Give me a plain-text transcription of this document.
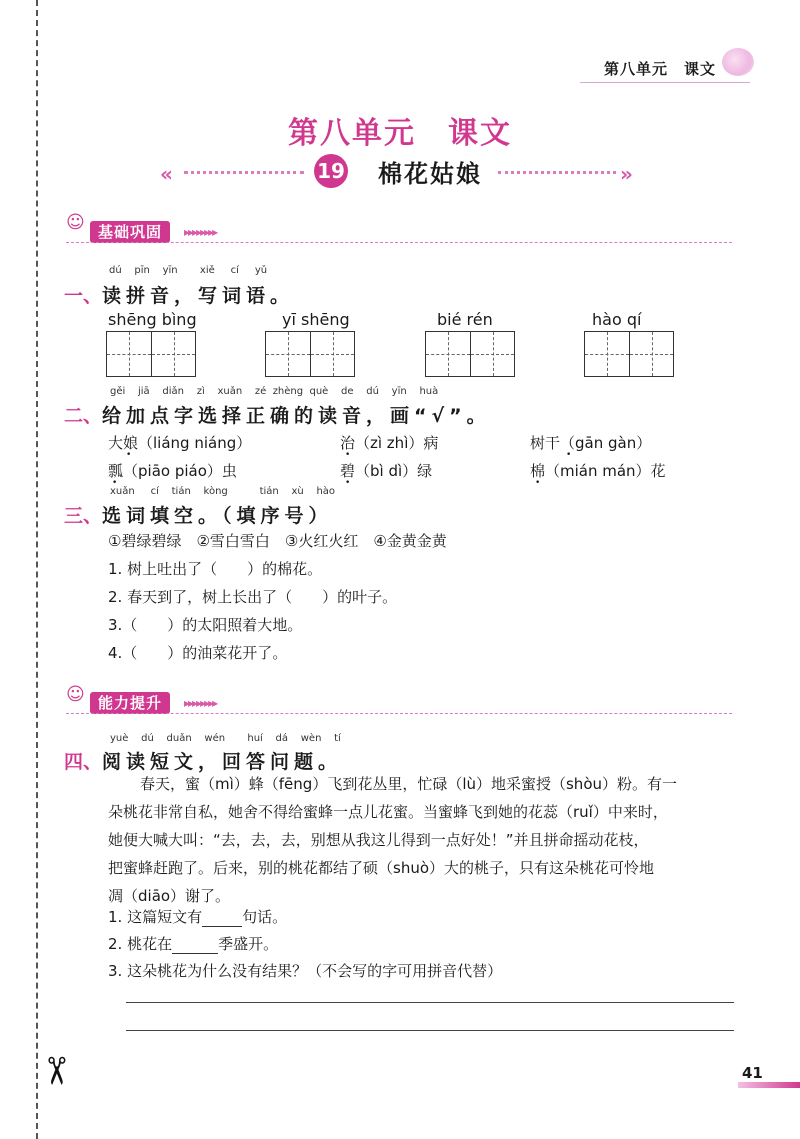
✂
第八单元　课文
第八单元　课文
«	19 棉花姑娘	»
☺ 基础巩固	▸▸▸▸▸▸▸▸
dú pīn yīn xiě cí yǔ
一、读拼音，写词语。
shēng bìng	yī shēng	bié rén	hào qí
gěi jiā diǎn zì xuǎn zé zhèng què de dú yīn huà
二、给加点字选择正确的读音，画“√”。
大娘（liáng niáng）	治（zì zhì）病	树干（gān gàn）
瓢（piāo piáo）虫	碧（bì dì）绿	棉（mián mán）花
•	•	•
•	•	•
xuǎn cí tián kòng	tián xù hào
三、选词填空。（填序号）
①碧绿碧绿　②雪白雪白　③火红火红　④金黄金黄
1. 树上吐出了（　　）的棉花。
2. 春天到了，树上长出了（　　）的叶子。
3.（　　）的太阳照着大地。
4.（　　）的油菜花开了。
☺ 能力提升	▸▸▸▸▸▸▸▸
yuè dú duǎn wén huí dá wèn tí
四、阅读短文，回答问题。
春天，蜜（mì）蜂（fēng）飞到花丛里，忙碌（lù）地采蜜授（shòu）粉。有一
朵桃花非常自私，她舍不得给蜜蜂一点儿花蜜。当蜜蜂飞到她的花蕊（ruǐ）中来时，
她便大喊大叫：“去，去，去，别想从我这儿得到一点好处！”并且拼命摇动花枝，
把蜜蜂赶跑了。后来，别的桃花都结了硕（shuò）大的桃子，只有这朵桃花可怜地
凋（diāo）谢了。
1. 这篇短文有	句话。
2. 桃花在	季盛开。
3. 这朵桃花为什么没有结果？（不会写的字可用拼音代替）
41
